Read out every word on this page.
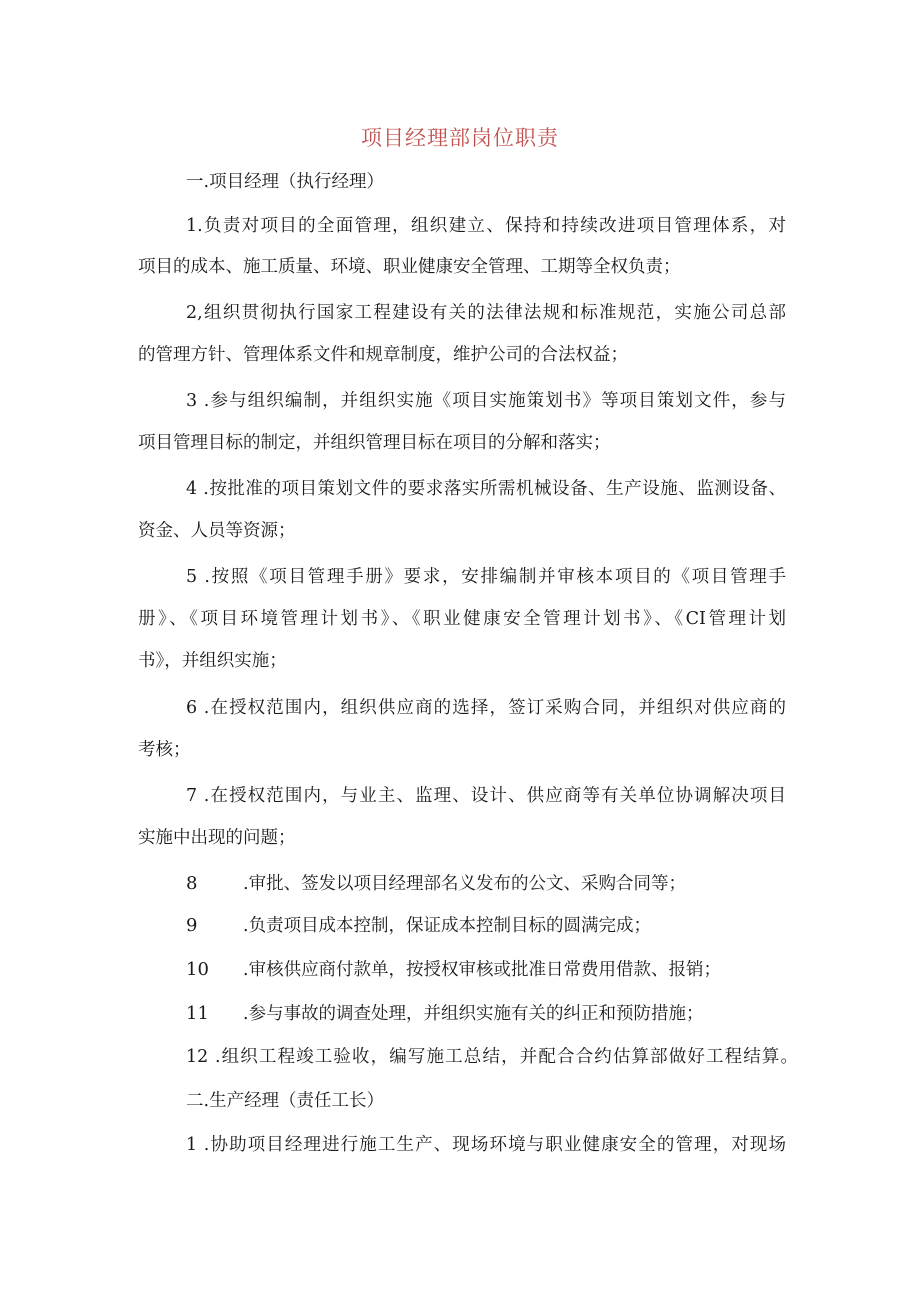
项目经理部岗位职责
一.项目经理（执行经理）
1.负责对项目的全面管理，组织建立、保持和持续改进项目管理体系，对
项目的成本、施工质量、环境、职业健康安全管理、工期等全权负责；
2,组织贯彻执行国家工程建设有关的法律法规和标准规范，实施公司总部
的管理方针、管理体系文件和规章制度，维护公司的合法权益；
3 .参与组织编制，并组织实施《项目实施策划书》等项目策划文件，参与
项目管理目标的制定，并组织管理目标在项目的分解和落实；
4 .按批准的项目策划文件的要求落实所需机械设备、生产设施、监测设备、
资金、人员等资源；
5 .按照《项目管理手册》要求，安排编制并审核本项目的《项目管理手
册》、《项目环境管理计划书》、《职业健康安全管理计划书》、《CI管理计划
书》，并组织实施；
6 .在授权范围内，组织供应商的选择，签订采购合同，并组织对供应商的
考核；
7 .在授权范围内，与业主、监理、设计、供应商等有关单位协调解决项目
实施中出现的问题；
8	.审批、签发以项目经理部名义发布的公文、采购合同等；
9	.负责项目成本控制，保证成本控制目标的圆满完成；
10 .审核供应商付款单，按授权审核或批准日常费用借款、报销；
11 .参与事故的调查处理，并组织实施有关的纠正和预防措施；
12 .组织工程竣工验收，编写施工总结，并配合合约估算部做好工程结算。
二.生产经理（责任工长）
1 .协助项目经理进行施工生产、现场环境与职业健康安全的管理，对现场
